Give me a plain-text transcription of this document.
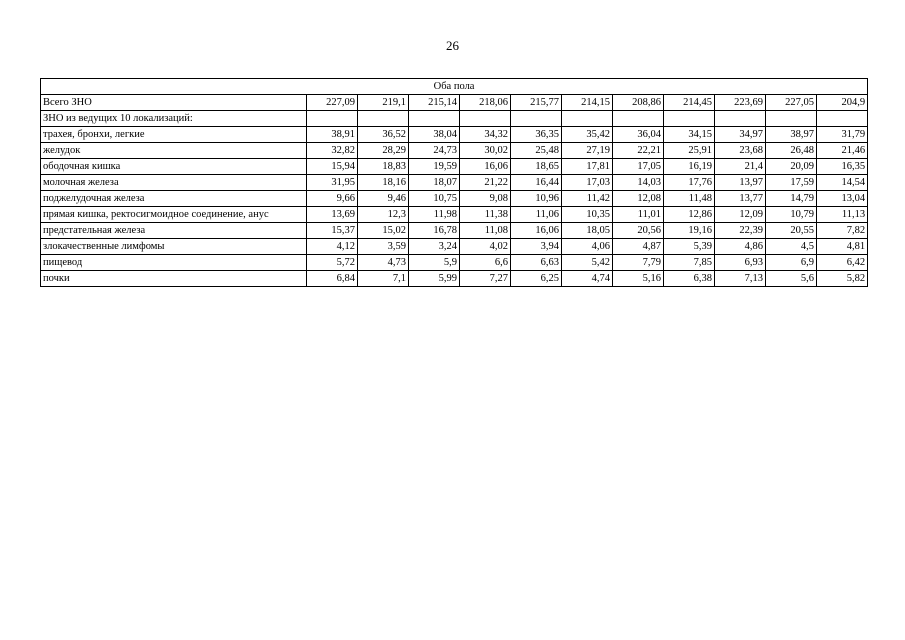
26
Оба пола											
Всего ЗНО	227,09	219,1	215,14	218,06	215,77	214,15	208,86	214,45	223,69	227,05	204,9
ЗНО из ведущих 10 локализаций:											
трахея, бронхи, легкие	38,91	36,52	38,04	34,32	36,35	35,42	36,04	34,15	34,97	38,97	31,79
желудок	32,82	28,29	24,73	30,02	25,48	27,19	22,21	25,91	23,68	26,48	21,46
ободочная кишка	15,94	18,83	19,59	16,06	18,65	17,81	17,05	16,19	21,4	20,09	16,35
молочная железа	31,95	18,16	18,07	21,22	16,44	17,03	14,03	17,76	13,97	17,59	14,54
поджелудочная железа	9,66	9,46	10,75	9,08	10,96	11,42	12,08	11,48	13,77	14,79	13,04
прямая кишка, ректосигмоидное соединение, анус	13,69	12,3	11,98	11,38	11,06	10,35	11,01	12,86	12,09	10,79	11,13
предстательная железа	15,37	15,02	16,78	11,08	16,06	18,05	20,56	19,16	22,39	20,55	7,82
злокачественные лимфомы	4,12	3,59	3,24	4,02	3,94	4,06	4,87	5,39	4,86	4,5	4,81
пищевод	5,72	4,73	5,9	6,6	6,63	5,42	7,79	7,85	6,93	6,9	6,42
почки	6,84	7,1	5,99	7,27	6,25	4,74	5,16	6,38	7,13	5,6	5,82
